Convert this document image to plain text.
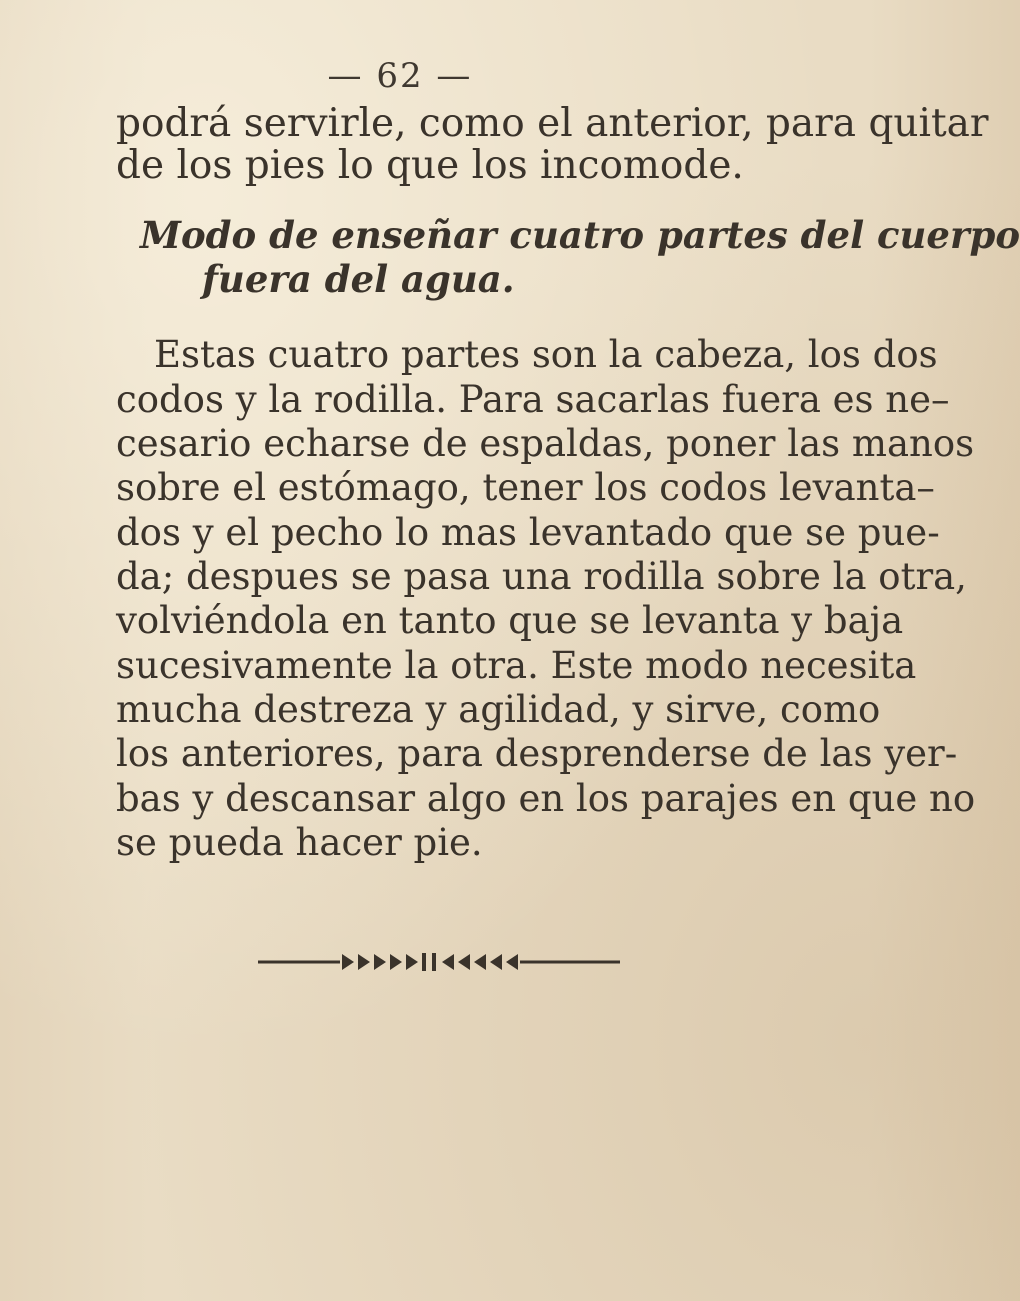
— 62 —
podrá servirle, como el anterior, para quitar
de los pies lo que los incomode.
Modo de enseñar cuatro partes del cuerpo
fuera del agua.
Estas cuatro partes son la cabeza, los dos
codos y la rodilla. Para sacarlas fuera es ne–
cesario echarse de espaldas, poner las manos
sobre el estómago, tener los codos levanta–
dos y el pecho lo mas levantado que se pue-
da; despues se pasa una rodilla sobre la otra,
volviéndola en tanto que se levanta y baja
sucesivamente la otra. Este modo necesita
mucha destreza y agilidad, y sirve, como
los anteriores, para desprenderse de las yer-
bas y descansar algo en los parajes en que no
se pueda hacer pie.
